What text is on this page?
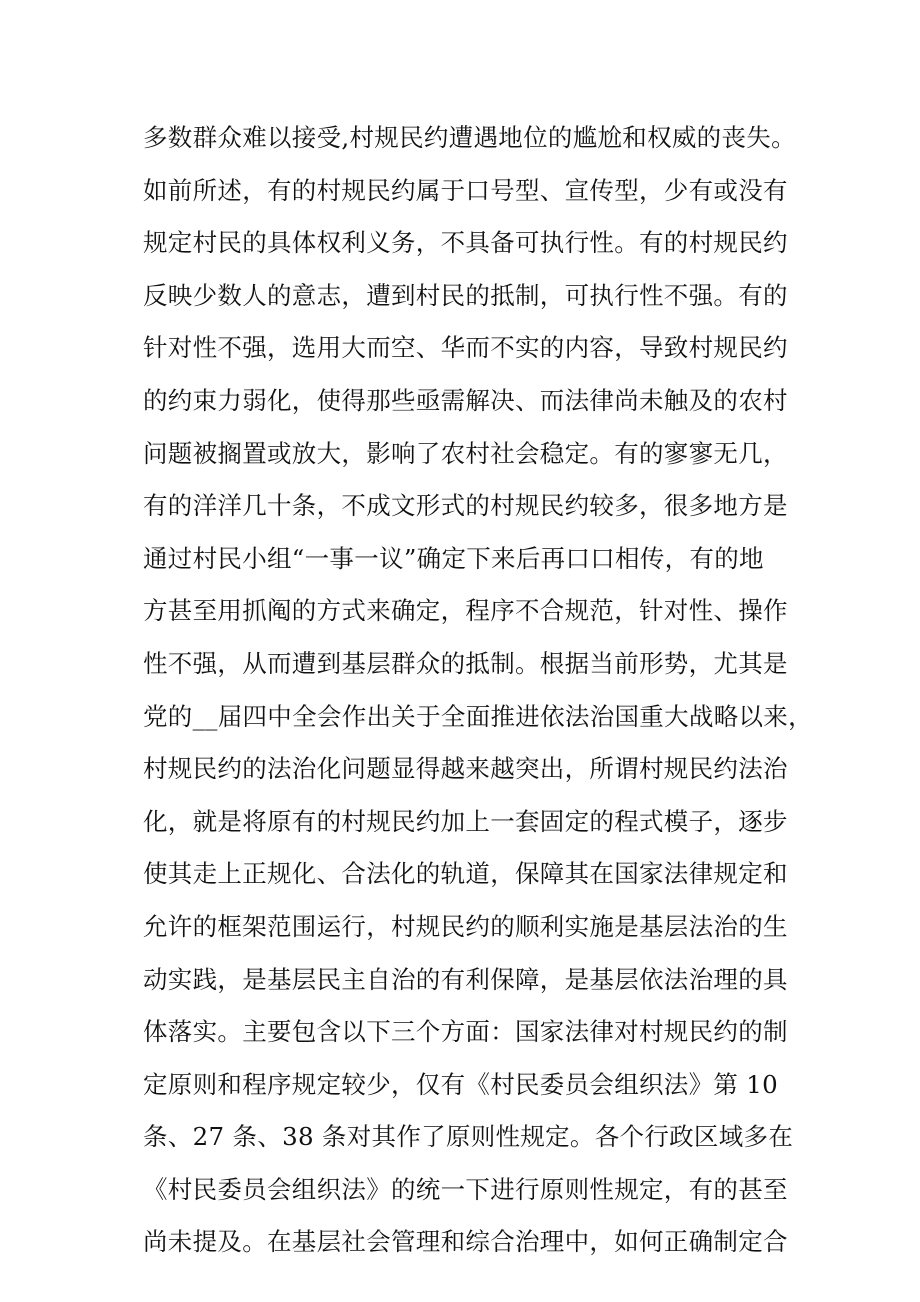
多数群众难以接受,村规民约遭遇地位的尴尬和权威的丧失。
如前所述，有的村规民约属于口号型、宣传型，少有或没有
规定村民的具体权利义务，不具备可执行性。有的村规民约
反映少数人的意志，遭到村民的抵制，可执行性不强。有的
针对性不强，选用大而空、华而不实的内容，导致村规民约
的约束力弱化，使得那些亟需解决、而法律尚未触及的农村
问题被搁置或放大，影响了农村社会稳定。有的寥寥无几，
有的洋洋几十条，不成文形式的村规民约较多，很多地方是
通过村民小组“一事一议”确定下来后再口口相传，有的地
方甚至用抓阄的方式来确定，程序不合规范，针对性、操作
性不强，从而遭到基层群众的抵制。根据当前形势，尤其是
党的__届四中全会作出关于全面推进依法治国重大战略以来，
村规民约的法治化问题显得越来越突出，所谓村规民约法治
化，就是将原有的村规民约加上一套固定的程式模子，逐步
使其走上正规化、合法化的轨道，保障其在国家法律规定和
允许的框架范围运行，村规民约的顺利实施是基层法治的生
动实践，是基层民主自治的有利保障，是基层依法治理的具
体落实。主要包含以下三个方面：国家法律对村规民约的制
定原则和程序规定较少，仅有《村民委员会组织法》第 10
条、27 条、38 条对其作了原则性规定。各个行政区域多在
《村民委员会组织法》的统一下进行原则性规定，有的甚至
尚未提及。在基层社会管理和综合治理中，如何正确制定合
